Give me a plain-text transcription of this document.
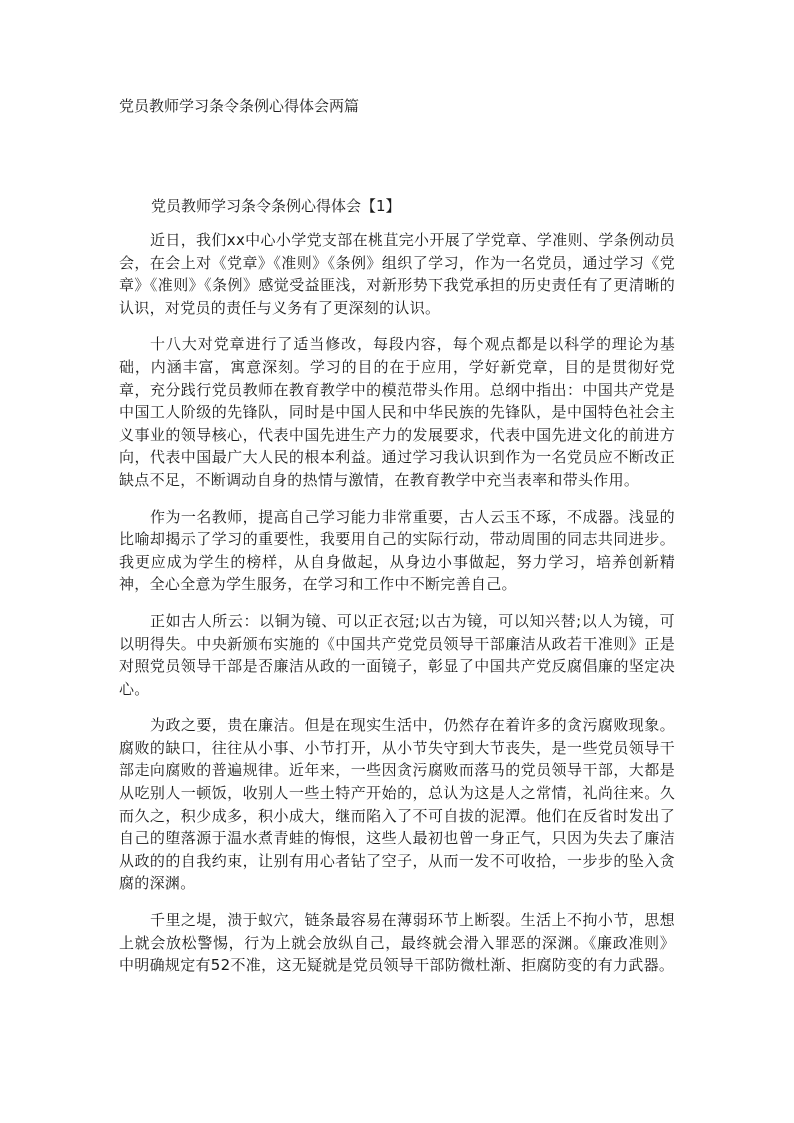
党员教师学习条令条例心得体会两篇

党员教师学习条令条例心得体会【1】

近日，我们xx中心小学党支部在桃苴完小开展了学党章、学准则、学条例动员会，在会上对《党章》《准则》《条例》组织了学习，作为一名党员，通过学习《党章》《准则》《条例》感觉受益匪浅，对新形势下我党承担的历史责任有了更清晰的认识，对党员的责任与义务有了更深刻的认识。

十八大对党章进行了适当修改，每段内容，每个观点都是以科学的理论为基础，内涵丰富，寓意深刻。学习的目的在于应用，学好新党章，目的是贯彻好党章，充分践行党员教师在教育教学中的模范带头作用。总纲中指出：中国共产党是中国工人阶级的先锋队，同时是中国人民和中华民族的先锋队，是中国特色社会主义事业的领导核心，代表中国先进生产力的发展要求，代表中国先进文化的前进方向，代表中国最广大人民的根本利益。通过学习我认识到作为一名党员应不断改正缺点不足，不断调动自身的热情与激情，在教育教学中充当表率和带头作用。

作为一名教师，提高自己学习能力非常重要，古人云玉不琢，不成器。浅显的比喻却揭示了学习的重要性，我要用自己的实际行动，带动周围的同志共同进步。我更应成为学生的榜样，从自身做起，从身边小事做起，努力学习，培养创新精神，全心全意为学生服务，在学习和工作中不断完善自己。

正如古人所云：以铜为镜、可以正衣冠;以古为镜，可以知兴替;以人为镜，可以明得失。中央新颁布实施的《中国共产党党员领导干部廉洁从政若干准则》正是对照党员领导干部是否廉洁从政的一面镜子，彰显了中国共产党反腐倡廉的坚定决心。

为政之要，贵在廉洁。但是在现实生活中，仍然存在着许多的贪污腐败现象。腐败的缺口，往往从小事、小节打开，从小节失守到大节丧失，是一些党员领导干部走向腐败的普遍规律。近年来，一些因贪污腐败而落马的党员领导干部，大都是从吃别人一顿饭，收别人一些土特产开始的，总认为这是人之常情，礼尚往来。久而久之，积少成多，积小成大，继而陷入了不可自拔的泥潭。他们在反省时发出了自己的堕落源于温水煮青蛙的悔恨，这些人最初也曾一身正气，只因为失去了廉洁从政的的自我约束，让别有用心者钻了空子，从而一发不可收拾，一步步的坠入贪腐的深渊。

千里之堤，溃于蚁穴，链条最容易在薄弱环节上断裂。生活上不拘小节，思想上就会放松警惕，行为上就会放纵自己，最终就会滑入罪恶的深渊。《廉政准则》中明确规定有52不准，这无疑就是党员领导干部防微杜渐、拒腐防变的有力武器。
